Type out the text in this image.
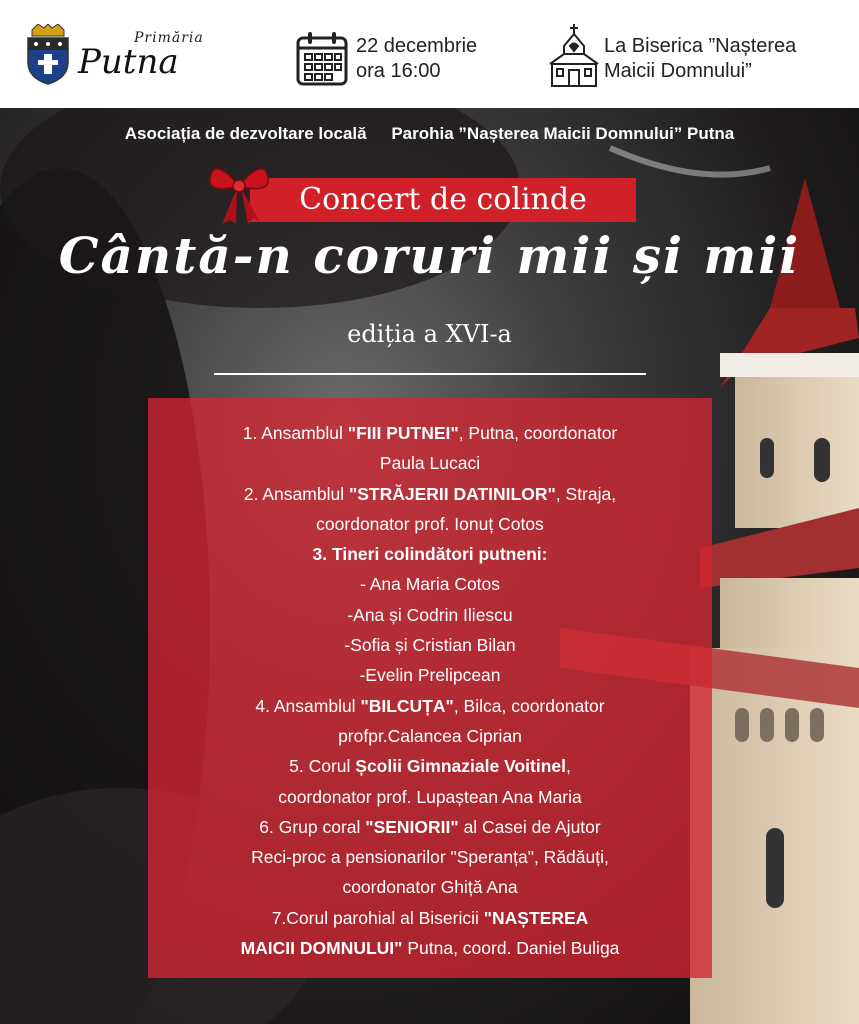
Primăria
Putna	22 decembrie
ora 16:00
La Biserica ”Nașterea
Maicii Domnului”
Asociația de dezvoltare locală Parohia ”Nașterea Maicii Domnului” Putna
Concert de colinde
Cântă-n coruri mii și mii
ediția a XVI-a
1. Ansamblul "FIII PUTNEI", Putna, coordonator
Paula Lucaci
2. Ansamblul "STRĂJERII DATINILOR", Straja,
coordonator prof. Ionuț Cotos
3. Tineri colindători putneni:
- Ana Maria Cotos
-Ana și Codrin Iliescu
-Sofia și Cristian Bilan
-Evelin Prelipcean
4. Ansamblul "BILCUȚA", Bilca, coordonator
profpr.Calancea Ciprian
5. Corul Școlii Gimnaziale Voitinel,
coordonator prof. Lupaștean Ana Maria
6. Grup coral "SENIORII" al Casei de Ajutor
Reci-proc a pensionarilor "Speranța", Rădăuți,
coordonator Ghiță Ana
7.Corul parohial al Bisericii "NAȘTEREA
MAICII DOMNULUI" Putna, coord. Daniel Buliga
